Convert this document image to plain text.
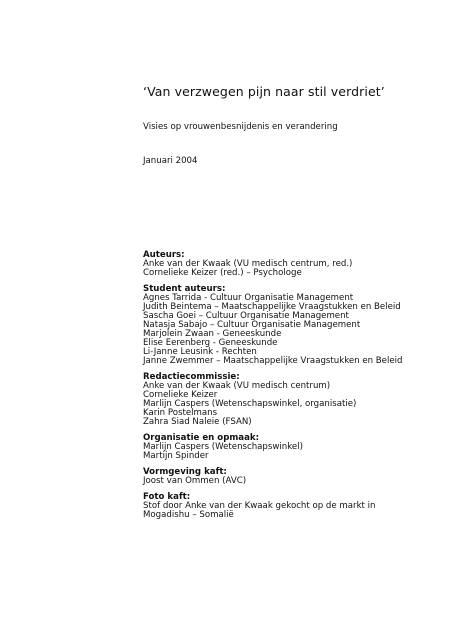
‘Van verzwegen pijn naar stil verdriet’
Visies op vrouwenbesnijdenis en verandering
Januari 2004
Auteurs:
Anke van der Kwaak (VU medisch centrum, red.)
Cornelieke Keizer (red.) – Psychologe
Student auteurs:
Agnes Tarrida - Cultuur Organisatie Management
Judith Beintema – Maatschappelijke Vraagstukken en Beleid
Sascha Goei – Cultuur Organisatie Management
Natasja Sabajo – Cultuur Organisatie Management
Marjolein Zwaan - Geneeskunde
Elise Eerenberg - Geneeskunde
Li-Janne Leusink - Rechten
Janne Zwemmer – Maatschappelijke Vraagstukken en Beleid
Redactiecommissie:
Anke van der Kwaak (VU medisch centrum)
Cornelieke Keizer
Marlijn Caspers (Wetenschapswinkel, organisatie)
Karin Postelmans
Zahra Siad Naleie (FSAN)
Organisatie en opmaak:
Marlijn Caspers (Wetenschapswinkel)
Martijn Spinder
Vormgeving kaft:
Joost van Ommen (AVC)
Foto kaft:
Stof door Anke van der Kwaak gekocht op de markt in
Mogadishu – Somalië
